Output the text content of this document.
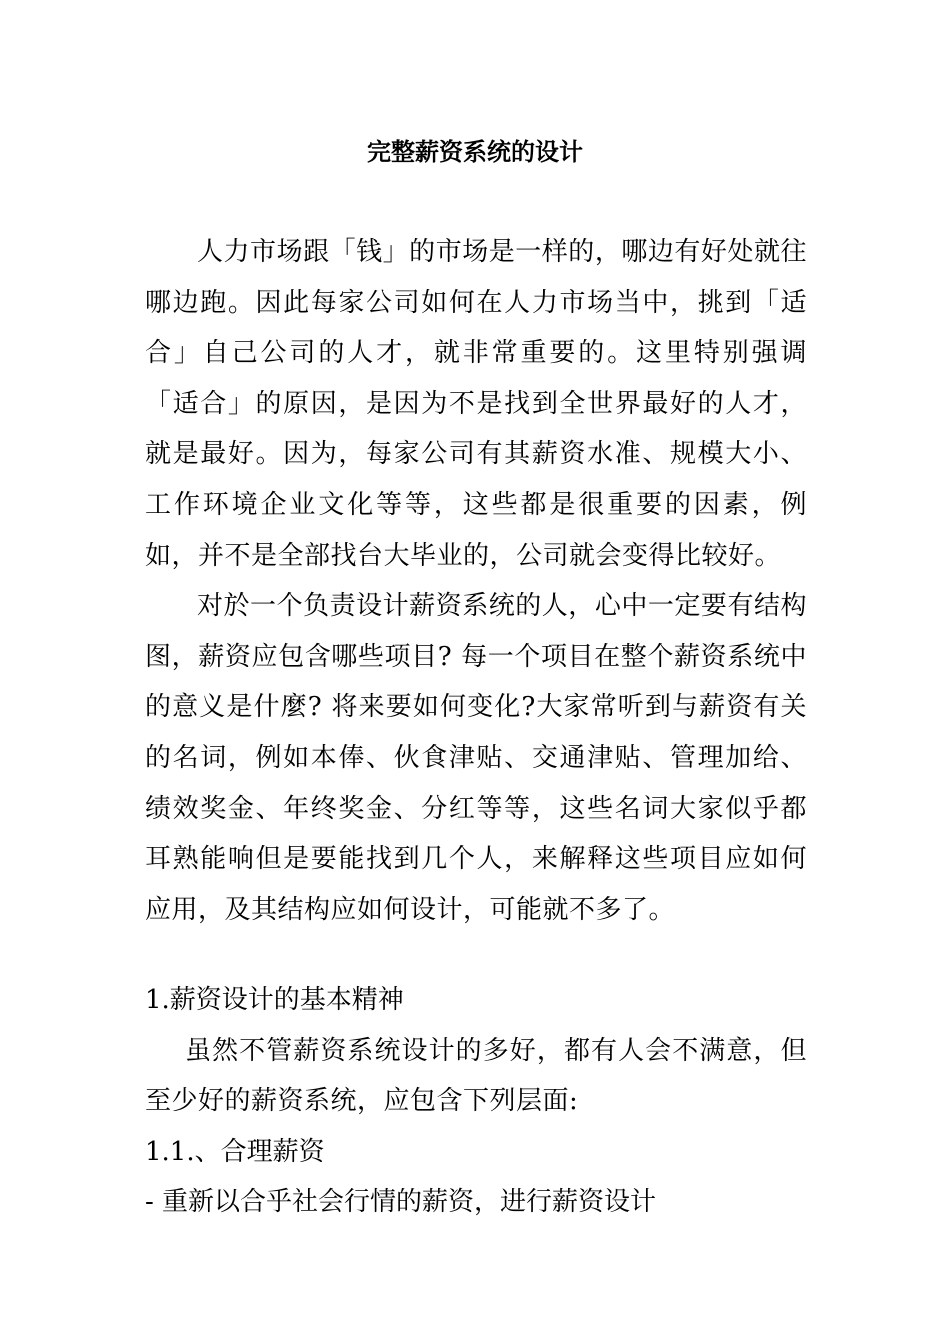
完整薪资系统的设计

人力市场跟「钱」的市场是一样的，哪边有好处就往哪边跑。因此每家公司如何在人力市场当中，挑到「适合」自己公司的人才，就非常重要的。这里特别强调「适合」的原因，是因为不是找到全世界最好的人才，就是最好。因为，每家公司有其薪资水准、规模大小、工作环境企业文化等等，这些都是很重要的因素，例如，并不是全部找台大毕业的，公司就会变得比较好。

对於一个负责设计薪资系统的人，心中一定要有结构图，薪资应包含哪些项目? 每一个项目在整个薪资系统中的意义是什麼? 将来要如何变化?大家常听到与薪资有关的名词，例如本俸、伙食津贴、交通津贴、管理加给、绩效奖金、年终奖金、分红等等，这些名词大家似乎都耳熟能响但是要能找到几个人，来解释这些项目应如何应用，及其结构应如何设计，可能就不多了。

1.薪资设计的基本精神

虽然不管薪资系统设计的多好，都有人会不满意，但至少好的薪资系统，应包含下列层面:

1.1.、合理薪资

- 重新以合乎社会行情的薪资，进行薪资设计
